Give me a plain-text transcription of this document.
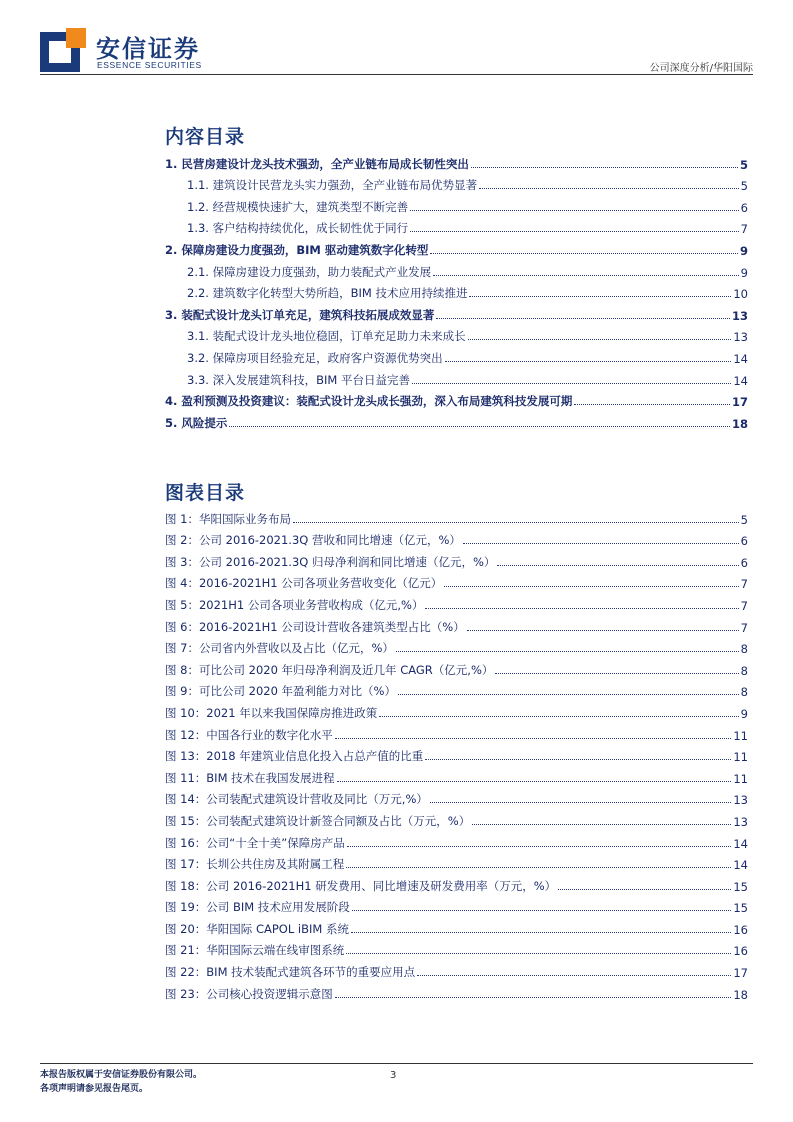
安信证券
ESSENCE SECURITIES	公司深度分析/华阳国际
内容目录
1. 民营房建设计龙头技术强劲，全产业链布局成长韧性突出	5
1.1. 建筑设计民营龙头实力强劲，全产业链布局优势显著	5
1.2. 经营规模快速扩大，建筑类型不断完善	6
1.3. 客户结构持续优化，成长韧性优于同行	7
2. 保障房建设力度强劲，BIM 驱动建筑数字化转型	9
2.1. 保障房建设力度强劲，助力装配式产业发展	9
2.2. 建筑数字化转型大势所趋，BIM 技术应用持续推进	10
3. 装配式设计龙头订单充足，建筑科技拓展成效显著	13
3.1. 装配式设计龙头地位稳固，订单充足助力未来成长	13
3.2. 保障房项目经验充足，政府客户资源优势突出	14
3.3. 深入发展建筑科技，BIM 平台日益完善	14
4. 盈利预测及投资建议：装配式设计龙头成长强劲，深入布局建筑科技发展可期	17
5. 风险提示	18
图表目录
图 1：华阳国际业务布局	5
图 2：公司 2016-2021.3Q 营收和同比增速（亿元，%）	6
图 3：公司 2016-2021.3Q 归母净利润和同比增速（亿元，%）	6
图 4：2016-2021H1 公司各项业务营收变化（亿元）	7
图 5：2021H1 公司各项业务营收构成（亿元,%）	7
图 6：2016-2021H1 公司设计营收各建筑类型占比（%）	7
图 7：公司省内外营收以及占比（亿元，%）	8
图 8：可比公司 2020 年归母净利润及近几年 CAGR（亿元,%）	8
图 9：可比公司 2020 年盈利能力对比（%）	8
图 10：2021 年以来我国保障房推进政策	9
图 12：中国各行业的数字化水平	11
图 13：2018 年建筑业信息化投入占总产值的比重	11
图 11：BIM 技术在我国发展进程	11
图 14：公司装配式建筑设计营收及同比（万元,%）	13
图 15：公司装配式建筑设计新签合同额及占比（万元，%）	13
图 16：公司“十全十美”保障房产品	14
图 17：长圳公共住房及其附属工程	14
图 18：公司 2016-2021H1 研发费用、同比增速及研发费用率（万元，%）	15
图 19：公司 BIM 技术应用发展阶段	15
图 20：华阳国际 CAPOL iBIM 系统	16
图 21：华阳国际云端在线审图系统	16
图 22：BIM 技术装配式建筑各环节的重要应用点	17
图 23：公司核心投资逻辑示意图	18
本报告版权属于安信证券股份有限公司。
各项声明请参见报告尾页。
3
